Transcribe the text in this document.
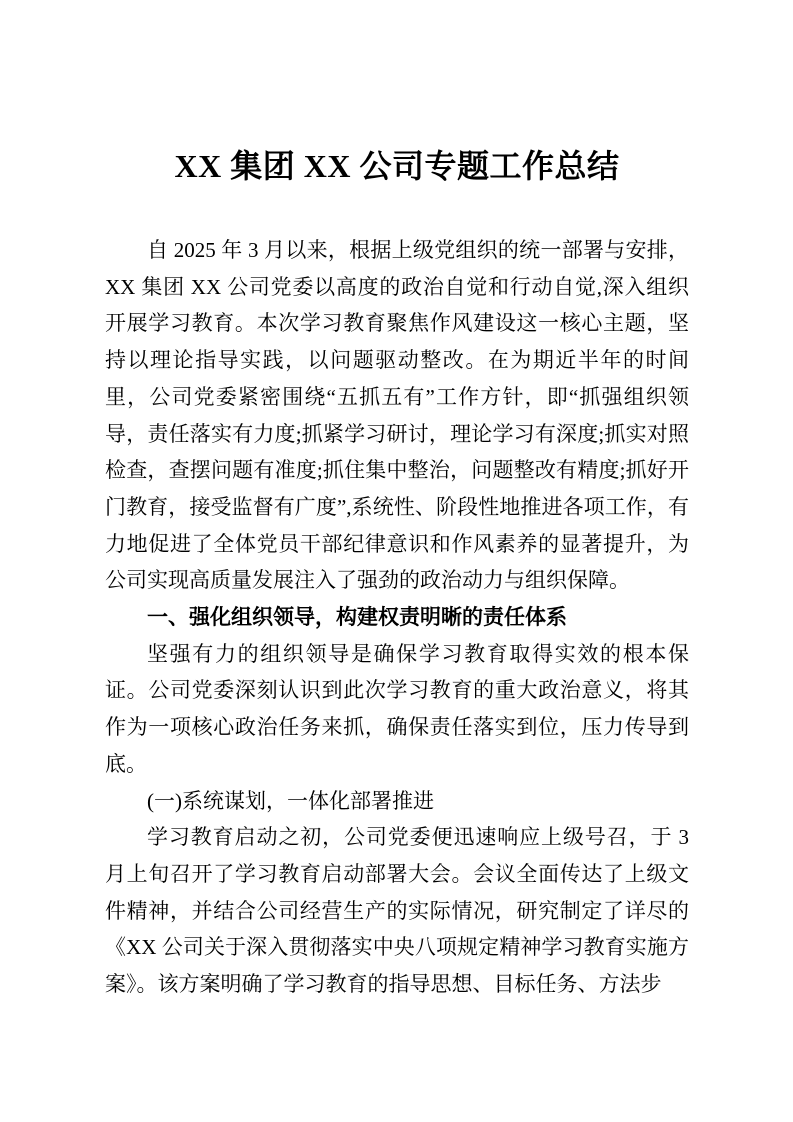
XX 集团 XX 公司专题工作总结

自 2025 年 3 月以来，根据上级党组织的统一部署与安排，XX 集团 XX 公司党委以高度的政治自觉和行动自觉,深入组织开展学习教育。本次学习教育聚焦作风建设这一核心主题，坚持以理论指导实践，以问题驱动整改。在为期近半年的时间里，公司党委紧密围绕“五抓五有”工作方针，即“抓强组织领导，责任落实有力度;抓紧学习研讨，理论学习有深度;抓实对照检查，查摆问题有准度;抓住集中整治，问题整改有精度;抓好开门教育，接受监督有广度”,系统性、阶段性地推进各项工作，有力地促进了全体党员干部纪律意识和作风素养的显著提升，为公司实现高质量发展注入了强劲的政治动力与组织保障。

一、强化组织领导，构建权责明晰的责任体系

坚强有力的组织领导是确保学习教育取得实效的根本保证。公司党委深刻认识到此次学习教育的重大政治意义，将其作为一项核心政治任务来抓，确保责任落实到位，压力传导到底。

(一)系统谋划，一体化部署推进

学习教育启动之初，公司党委便迅速响应上级号召，于 3 月上旬召开了学习教育启动部署大会。会议全面传达了上级文件精神，并结合公司经营生产的实际情况，研究制定了详尽的《XX 公司关于深入贯彻落实中央八项规定精神学习教育实施方案》。该方案明确了学习教育的指导思想、目标任务、方法步
